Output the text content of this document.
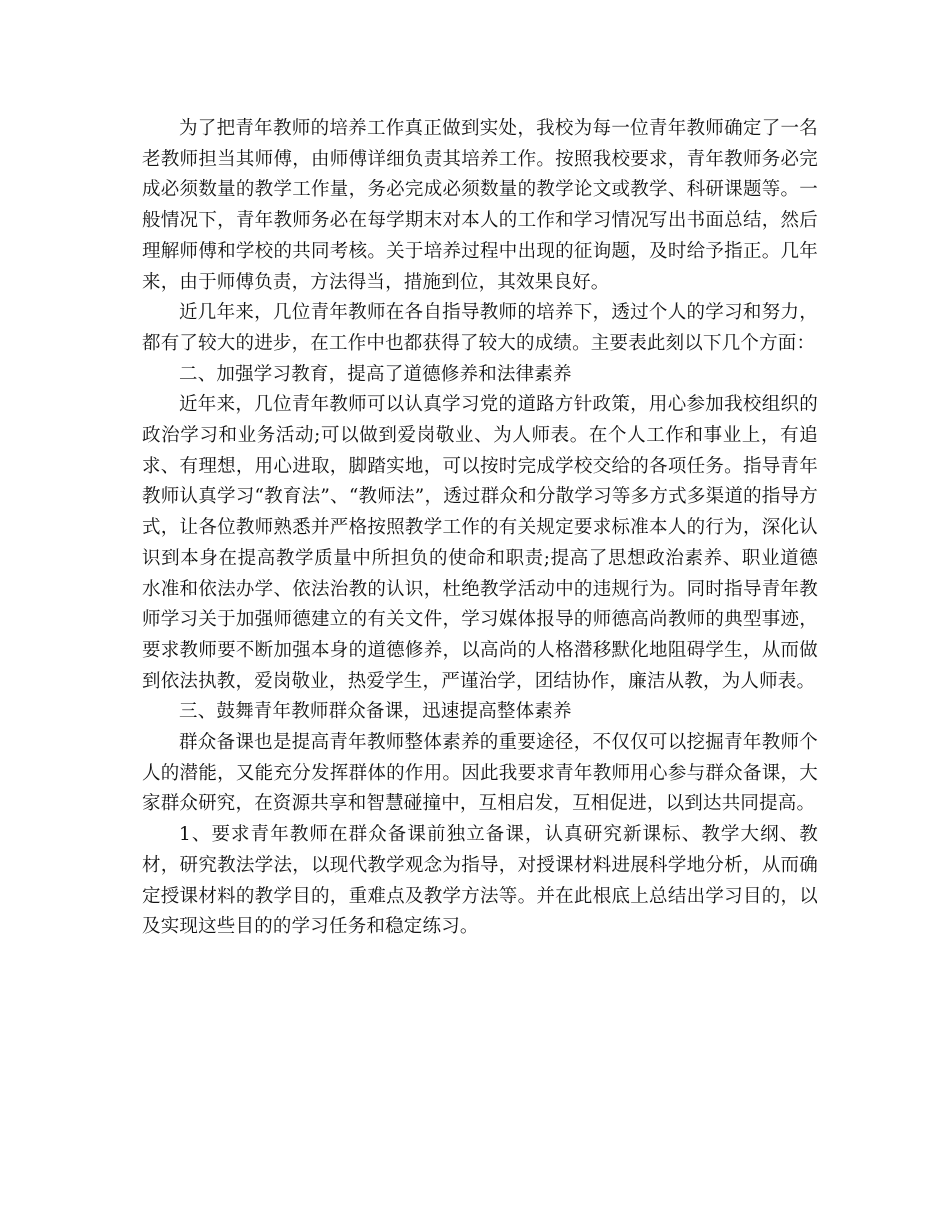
为了把青年教师的培养工作真正做到实处，我校为每一位青年教师确定了一名老教师担当其师傅，由师傅详细负责其培养工作。按照我校要求，青年教师务必完成必须数量的教学工作量，务必完成必须数量的教学论文或教学、科研课题等。一般情况下，青年教师务必在每学期末对本人的工作和学习情况写出书面总结，然后理解师傅和学校的共同考核。关于培养过程中出现的征询题，及时给予指正。几年来，由于师傅负责，方法得当，措施到位，其效果良好。

近几年来，几位青年教师在各自指导教师的培养下，透过个人的学习和努力，都有了较大的进步，在工作中也都获得了较大的成绩。主要表此刻以下几个方面：

二、加强学习教育，提高了道德修养和法律素养

近年来，几位青年教师可以认真学习党的道路方针政策，用心参加我校组织的政治学习和业务活动;可以做到爱岗敬业、为人师表。在个人工作和事业上，有追求、有理想，用心进取，脚踏实地，可以按时完成学校交给的各项任务。指导青年教师认真学习“教育法”、“教师法”，透过群众和分散学习等多方式多渠道的指导方式，让各位教师熟悉并严格按照教学工作的有关规定要求标准本人的行为，深化认识到本身在提高教学质量中所担负的使命和职责;提高了思想政治素养、职业道德水准和依法办学、依法治教的认识，杜绝教学活动中的违规行为。同时指导青年教师学习关于加强师德建立的有关文件，学习媒体报导的师德高尚教师的典型事迹，要求教师要不断加强本身的道德修养，以高尚的人格潜移默化地阻碍学生，从而做到依法执教，爱岗敬业，热爱学生，严谨治学，团结协作，廉洁从教，为人师表。

三、鼓舞青年教师群众备课，迅速提高整体素养

群众备课也是提高青年教师整体素养的重要途径，不仅仅可以挖掘青年教师个人的潜能，又能充分发挥群体的作用。因此我要求青年教师用心参与群众备课，大家群众研究，在资源共享和智慧碰撞中，互相启发，互相促进，以到达共同提高。

1、要求青年教师在群众备课前独立备课，认真研究新课标、教学大纲、教材，研究教法学法，以现代教学观念为指导，对授课材料进展科学地分析，从而确定授课材料的教学目的，重难点及教学方法等。并在此根底上总结出学习目的，以及实现这些目的的学习任务和稳定练习。
